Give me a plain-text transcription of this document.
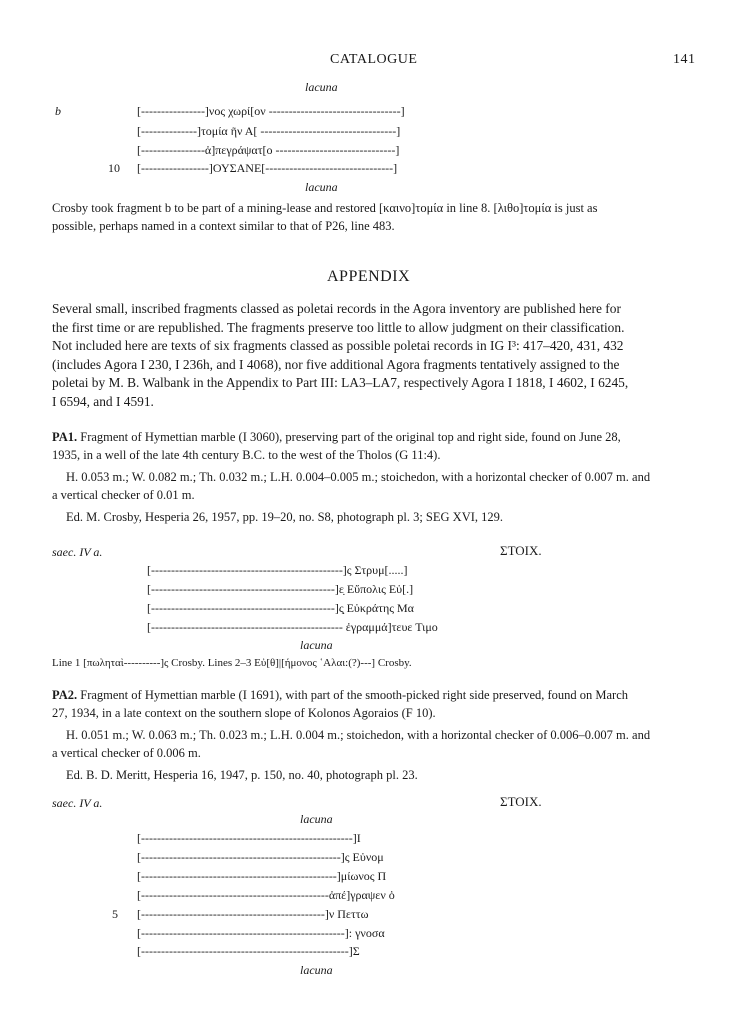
CATALOGUE	141
lacuna
b	[----------------]νος χωρί[ον ---------------------------------]
[--------------]τομία ῆν Α[ ----------------------------------]
[----------------ἀ]πεγράψατ[ο ------------------------------]
10 [-----------------]ΟΥΣΑΝΕ[--------------------------------]
lacuna
Crosby took fragment b to be part of a mining-lease and restored [καινο]τομία in line 8. [λιθο]τομία is just as
possible, perhaps named in a context similar to that of P26, line 483.
APPENDIX
Several small, inscribed fragments classed as poletai records in the Agora inventory are published here for
the first time or are republished. The fragments preserve too little to allow judgment on their classification.
Not included here are texts of six fragments classed as possible poletai records in IG I³: 417–420, 431, 432
(includes Agora I 230, I 236h, and I 4068), nor five additional Agora fragments tentatively assigned to the
poletai by M. B. Walbank in the Appendix to Part III: LA3–LA7, respectively Agora I 1818, I 4602, I 6245,
I 6594, and I 4591.
PA1. Fragment of Hymettian marble (I 3060), preserving part of the original top and right side, found on June 28,
1935, in a well of the late 4th century B.C. to the west of the Tholos (G 11:4).
H. 0.053 m.; W. 0.082 m.; Th. 0.032 m.; L.H. 0.004–0.005 m.; stoichedon, with a horizontal checker of 0.007 m. and
a vertical checker of 0.01 m.
Ed. M. Crosby, Hesperia 26, 1957, pp. 19–20, no. S8, photograph pl. 3; SEG XVI, 129.
saec. IV a.	ΣΤΟΙΧ.
[------------------------------------------------]ς Στρυμ[.....]
[----------------------------------------------]ε̣ Εὔπολις Εὐ[.]
[----------------------------------------------]ς̣ Εὐκράτης Μα
[------------------------------------------------ ἐγραμμά]τευε Τιμο
lacuna
Line 1 [πωληταὶ----------]ς Crosby. Lines 2–3 Εὐ[θ]|[ήμονος ῾Αλαι:(?)---] Crosby.
PA2. Fragment of Hymettian marble (I 1691), with part of the smooth-picked right side preserved, found on March
27, 1934, in a late context on the southern slope of Kolonos Agoraios (F 10).
H. 0.051 m.; W. 0.063 m.; Th. 0.023 m.; L.H. 0.004 m.; stoichedon, with a horizontal checker of 0.006–0.007 m. and
a vertical checker of 0.006 m.
Ed. B. D. Meritt, Hesperia 16, 1947, p. 150, no. 40, photograph pl. 23.
saec. IV a.	ΣΤΟΙΧ.
lacuna
[-----------------------------------------------------]Ι
[--------------------------------------------------]ς Εὐνομ
[-------------------------------------------------]μίωνος Π
[-----------------------------------------------ἀπέ]γραψεν ὁ
5 [----------------------------------------------]ν Πεττω
[---------------------------------------------------]: γνοσα
[----------------------------------------------------]Σ
lacuna
